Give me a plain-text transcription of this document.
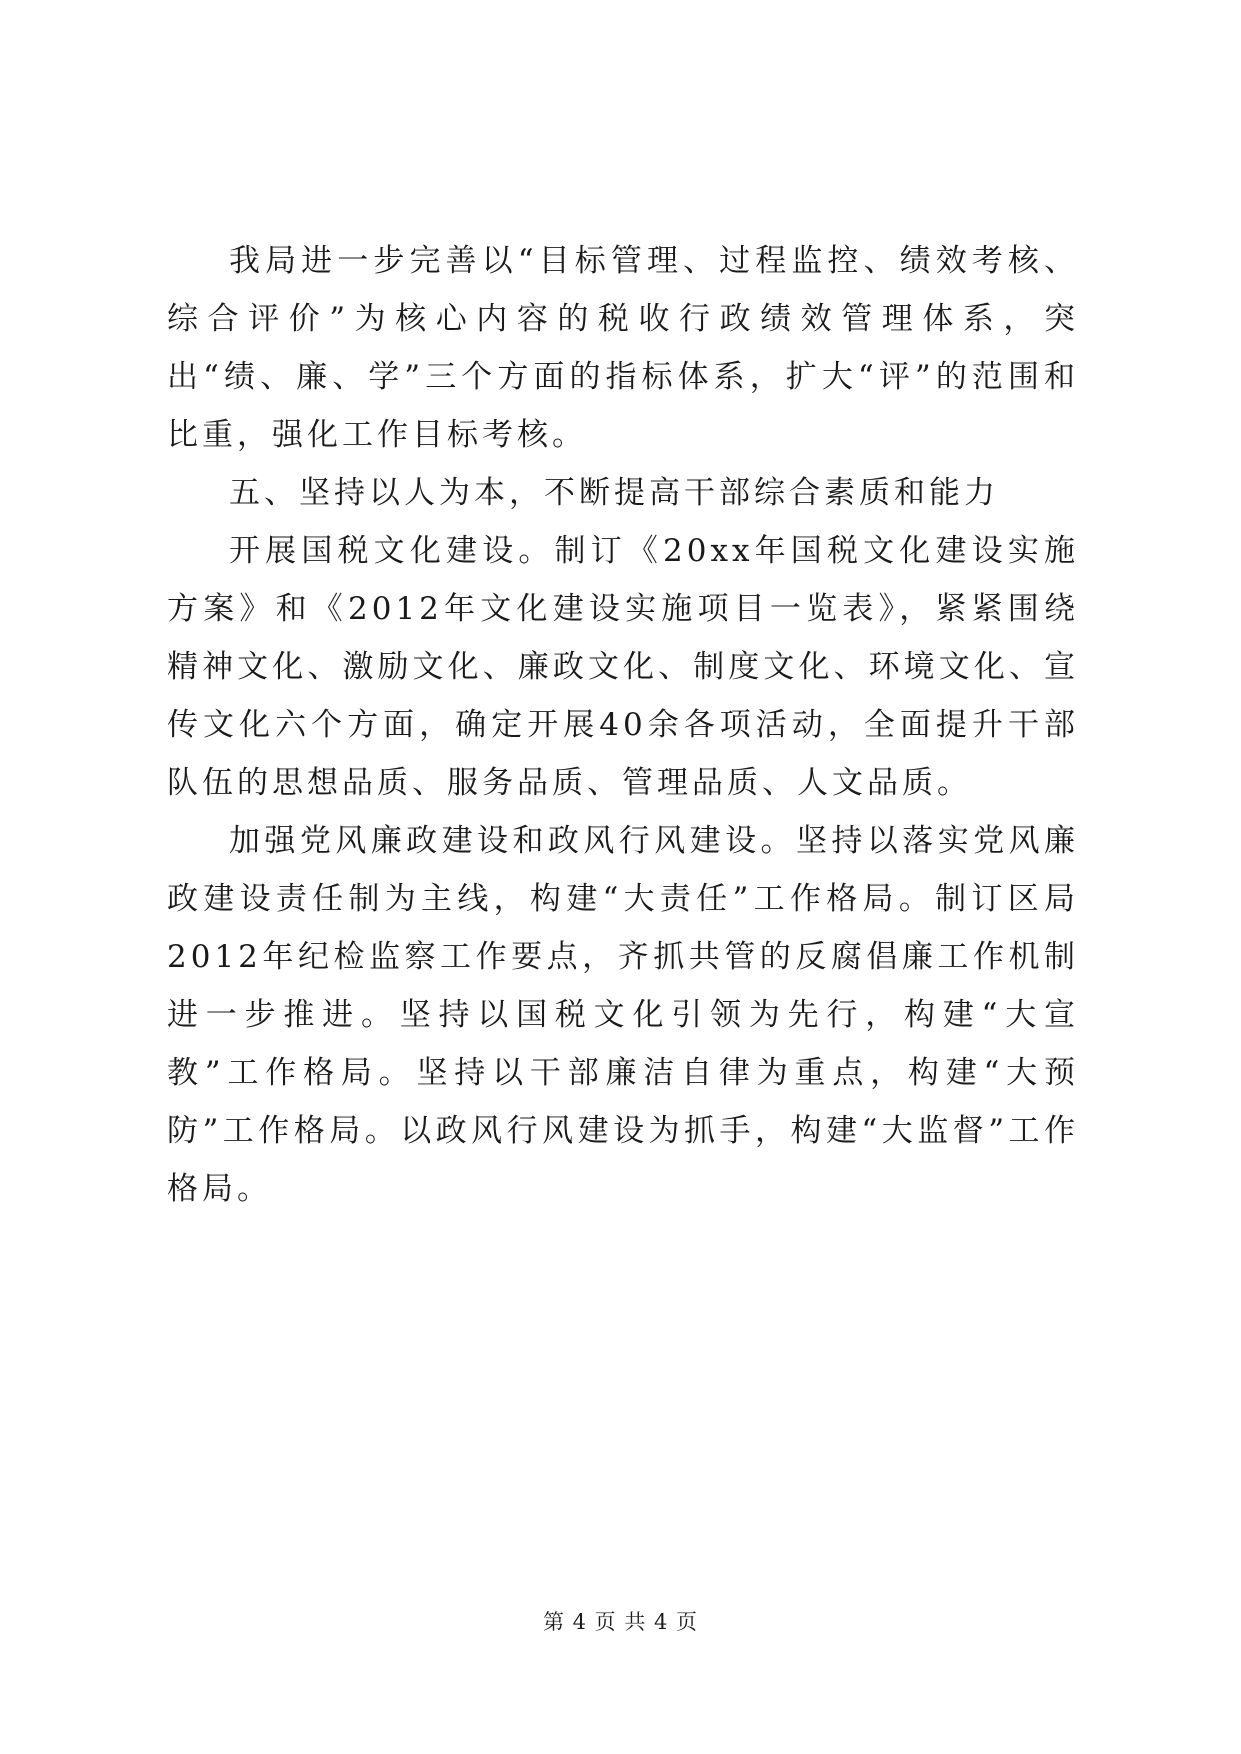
我局进一步完善以“目标管理、过程监控、绩效考核、综合评价”为核心内容的税收行政绩效管理体系，突出“绩、廉、学”三个方面的指标体系，扩大“评”的范围和比重，强化工作目标考核。

五、坚持以人为本，不断提高干部综合素质和能力

开展国税文化建设。制订《20xx年国税文化建设实施方案》和《2012年文化建设实施项目一览表》，紧紧围绕精神文化、激励文化、廉政文化、制度文化、环境文化、宣传文化六个方面，确定开展40余各项活动，全面提升干部队伍的思想品质、服务品质、管理品质、人文品质。

加强党风廉政建设和政风行风建设。坚持以落实党风廉政建设责任制为主线，构建“大责任”工作格局。制订区局2012年纪检监察工作要点，齐抓共管的反腐倡廉工作机制进一步推进。坚持以国税文化引领为先行，构建“大宣教”工作格局。坚持以干部廉洁自律为重点，构建“大预防”工作格局。以政风行风建设为抓手，构建“大监督”工作格局。

第 4 页 共 4 页
